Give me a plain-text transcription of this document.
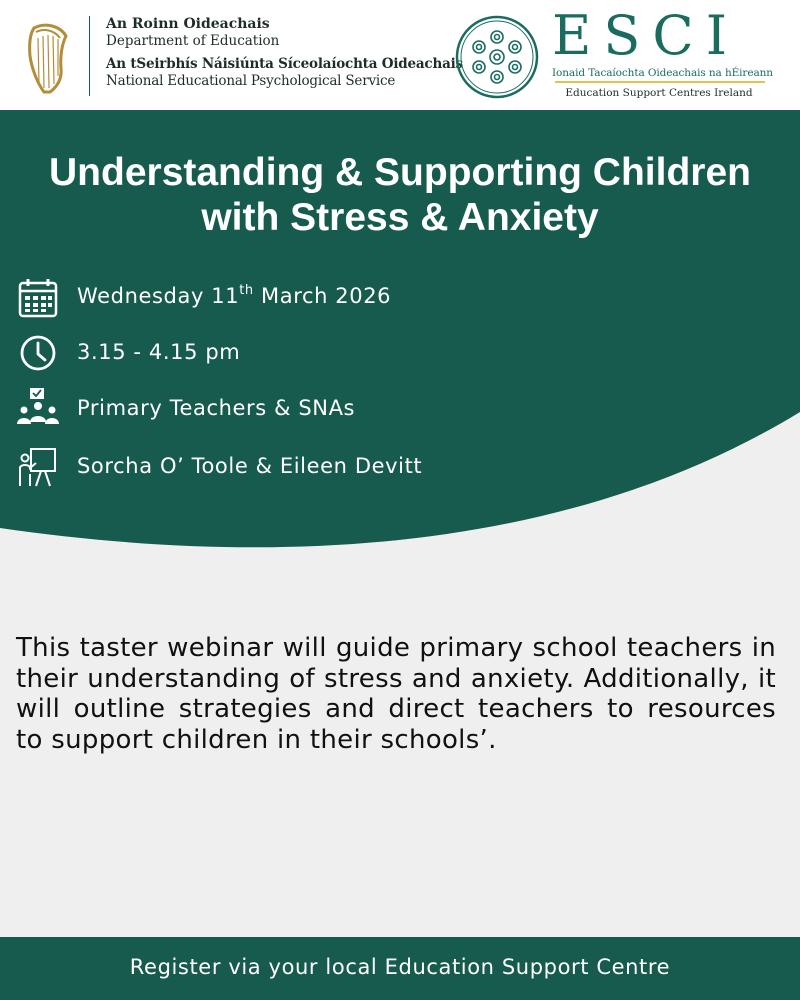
An Roinn Oideachais
Department of Education
An tSeirbhís Náisiúnta Síceolaíochta Oideachais
National Educational Psychological Service
ESCI
Ionaid Tacaíochta Oideachais na hÉireann
Education Support Centres Ireland
Understanding & Supporting Children
with Stress & Anxiety
Wednesday 11th March 2026
3.15 - 4.15 pm
Primary Teachers & SNAs
Sorcha O’ Toole & Eileen Devitt

This taster webinar will guide primary school teachers in their understanding of stress and anxiety. Additionally, it will outline strategies and direct teachers to resources to support children in their schools’.

Register via your local Education Support Centre
